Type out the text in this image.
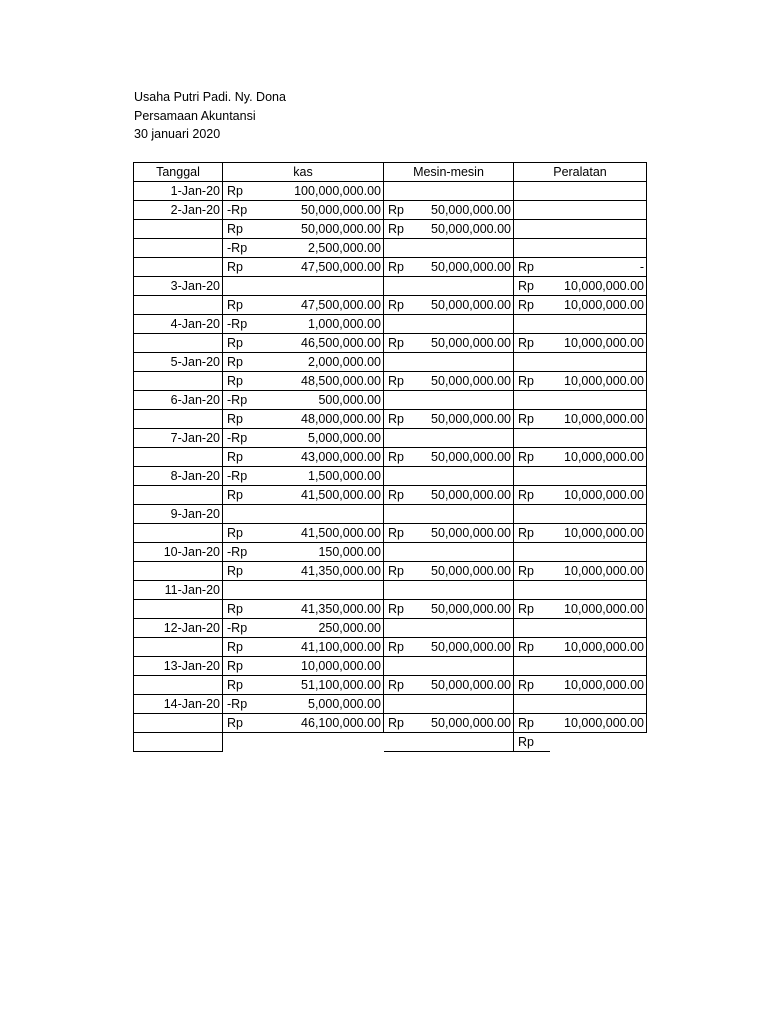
Usaha Putri Padi. Ny. Dona
Persamaan Akuntansi
30 januari 2020
Tanggal	kas		Mesin-mesin		Peralatan	
1-Jan-20	Rp	100,000,000.00				
2-Jan-20	-Rp	50,000,000.00	Rp	50,000,000.00		
	Rp	50,000,000.00	Rp	50,000,000.00		
	-Rp	2,500,000.00				
	Rp	47,500,000.00	Rp	50,000,000.00	Rp	-
3-Jan-20					Rp	10,000,000.00
	Rp	47,500,000.00	Rp	50,000,000.00	Rp	10,000,000.00
4-Jan-20	-Rp	1,000,000.00				
	Rp	46,500,000.00	Rp	50,000,000.00	Rp	10,000,000.00
5-Jan-20	Rp	2,000,000.00				
	Rp	48,500,000.00	Rp	50,000,000.00	Rp	10,000,000.00
6-Jan-20	-Rp	500,000.00				
	Rp	48,000,000.00	Rp	50,000,000.00	Rp	10,000,000.00
7-Jan-20	-Rp	5,000,000.00				
	Rp	43,000,000.00	Rp	50,000,000.00	Rp	10,000,000.00
8-Jan-20	-Rp	1,500,000.00				
	Rp	41,500,000.00	Rp	50,000,000.00	Rp	10,000,000.00
9-Jan-20						
	Rp	41,500,000.00	Rp	50,000,000.00	Rp	10,000,000.00
10-Jan-20	-Rp	150,000.00				
	Rp	41,350,000.00	Rp	50,000,000.00	Rp	10,000,000.00
11-Jan-20						
	Rp	41,350,000.00	Rp	50,000,000.00	Rp	10,000,000.00
12-Jan-20	-Rp	250,000.00				
	Rp	41,100,000.00	Rp	50,000,000.00	Rp	10,000,000.00
13-Jan-20	Rp	10,000,000.00				
	Rp	51,100,000.00	Rp	50,000,000.00	Rp	10,000,000.00
14-Jan-20	-Rp	5,000,000.00				
	Rp	46,100,000.00	Rp	50,000,000.00	Rp	10,000,000.00
					Rp	
